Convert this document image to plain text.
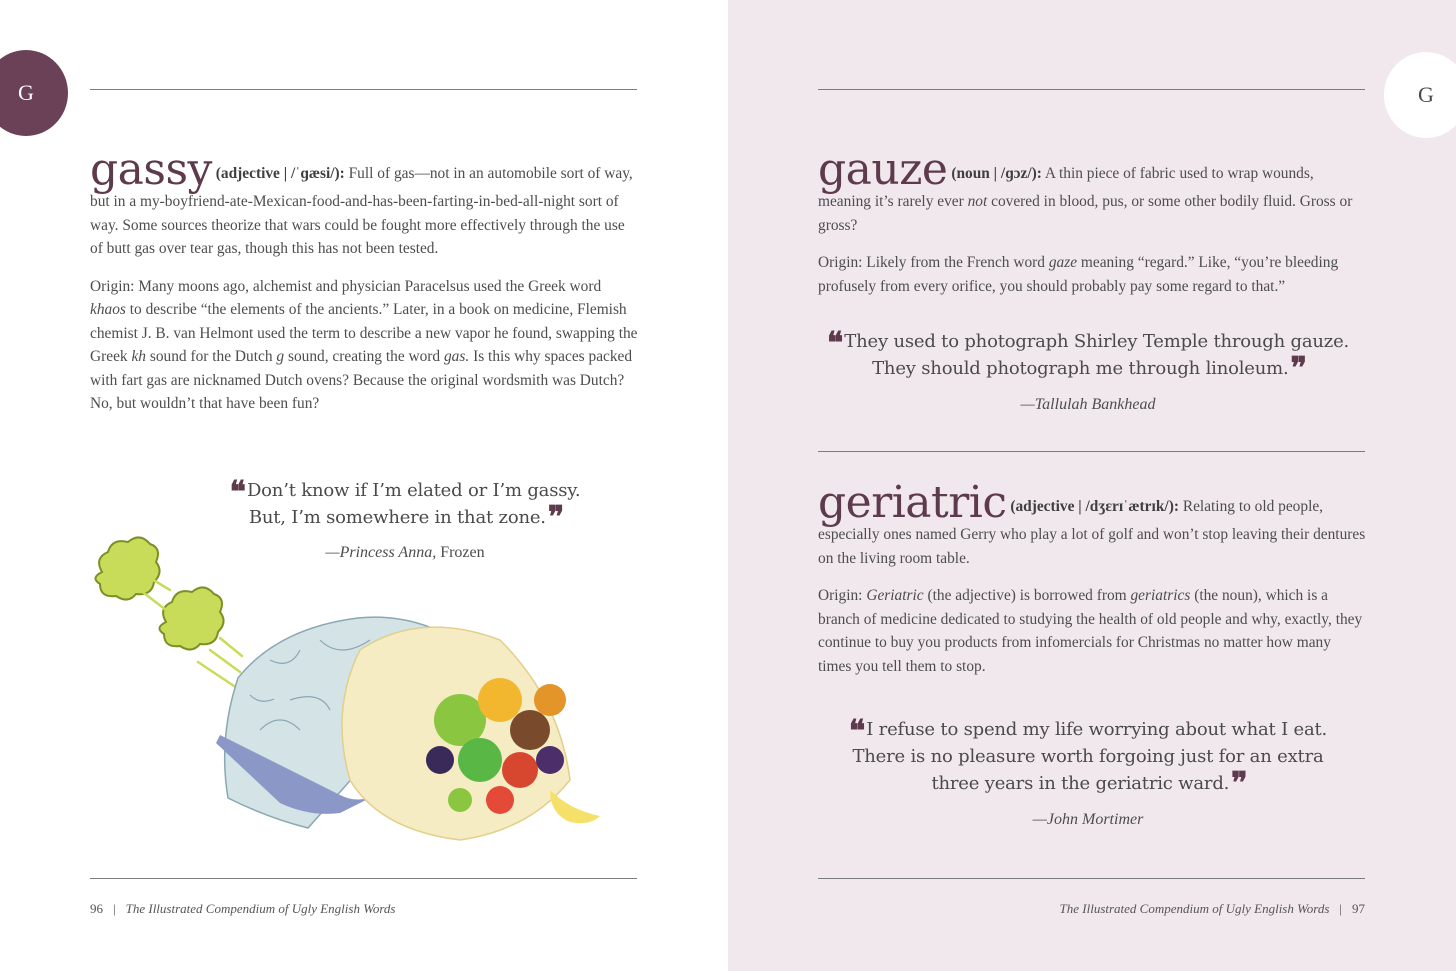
G

gassy (adjective | /ˈɡæsi/): Full of gas—not in an automobile sort of way, but in a my-boyfriend-ate-Mexican-food-and-has-been-farting-in-bed-all-night sort of way. Some sources theorize that wars could be fought more effectively through the use of butt gas over tear gas, though this has not been tested.

Origin: Many moons ago, alchemist and physician Paracelsus used the Greek word khaos to describe “the elements of the ancients.” Later, in a book on medicine, Flemish chemist J. B. van Helmont used the term to describe a new vapor he found, swapping the Greek kh sound for the Dutch g sound, creating the word gas. Is this why spaces packed with fart gas are nicknamed Dutch ovens? Because the original wordsmith was Dutch? No, but wouldn’t that have been fun?

❛❛ Don’t know if I’m elated or I’m gassy.
But, I’m somewhere in that zone.❜❜
—Princess Anna, Frozen
96 | The Illustrated Compendium of Ugly English Words
G

gauze (noun | /ɡɔz/): A thin piece of fabric used to wrap wounds, meaning it’s rarely ever not covered in blood, pus, or some other bodily fluid. Gross or gross?

Origin: Likely from the French word gaze meaning “regard.” Like, “you’re bleeding profusely from every orifice, you should probably pay some regard to that.”

❛❛ They used to photograph Shirley Temple through gauze.
They should photograph me through linoleum.❜❜
—Tallulah Bankhead

geriatric (adjective | /dʒɛrɪˈætrɪk/): Relating to old people, especially ones named Gerry who play a lot of golf and won’t stop leaving their dentures on the living room table.

Origin: Geriatric (the adjective) is borrowed from geriatrics (the noun), which is a branch of medicine dedicated to studying the health of old people and why, exactly, they continue to buy you products from infomercials for Christmas no matter how many times you tell them to stop.

❛❛ I refuse to spend my life worrying about what I eat.
There is no pleasure worth forgoing just for an extra
three years in the geriatric ward.❜❜
—John Mortimer
The Illustrated Compendium of Ugly English Words | 97
